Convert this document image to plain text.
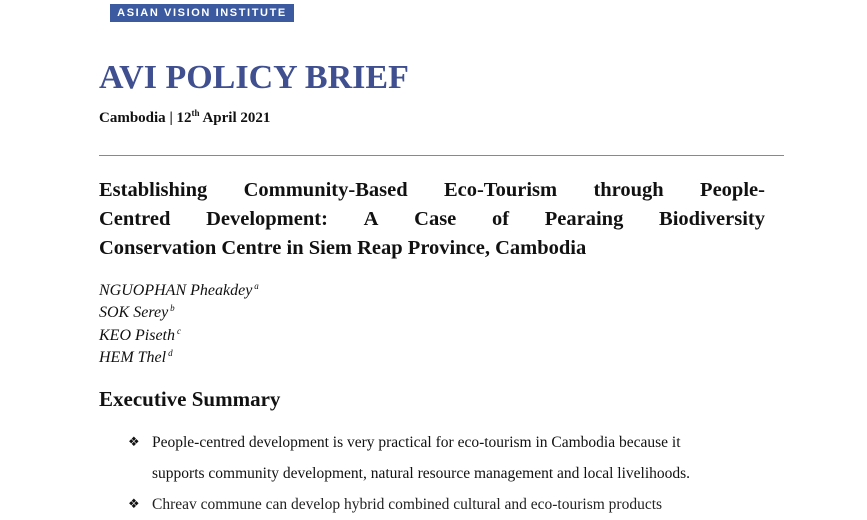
ASIAN VISION INSTITUTE
AVI POLICY BRIEF
Cambodia | 12th April 2021
Establishing Community-Based Eco-Tourism through People-
Centred Development: A Case of Pearaing Biodiversity
Conservation Centre in Siem Reap Province, Cambodia
NGUOPHAN Pheakdey $^a$
SOK Serey $^b$
KEO Piseth $^c$
HEM Thel $^d$
Executive Summary
❖ People-centred development is very practical for eco-tourism in Cambodia because it
supports community development, natural resource management and local livelihoods.
❖ Chreav commune can develop hybrid combined cultural and eco-tourism products
